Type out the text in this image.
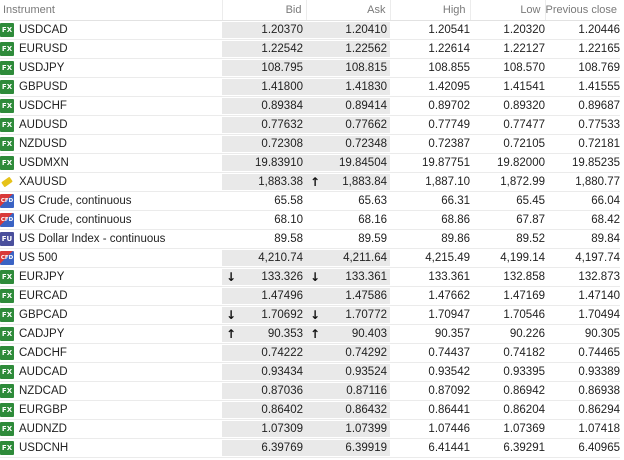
Instrument	Bid	Ask	High	Low	Previous close

FX USDCAD	1.20370	1.20410	1.20541	1.20320	1.20446

FX EURUSD	1.22542	1.22562	1.22614	1.22127	1.22165

FX USDJPY	108.795	108.815	108.855	108.570	108.769

FX GBPUSD	1.41800	1.41830	1.42095	1.41541	1.41555

FX USDCHF	0.89384	0.89414	0.89702	0.89320	0.89687

FX AUDUSD	0.77632	0.77662	0.77749	0.77477	0.77533

FX NZDUSD	0.72308	0.72348	0.72387	0.72105	0.72181

FX USDMXN	19.83910	19.84504	19.87751	19.82000	19.85235

XAUUSD	1,883.38	↑ 1,883.84	1,887.10	1,872.99	1,880.77

CFD US Crude, continuous	65.58	65.63	66.31	65.45	66.04

CFD UK Crude, continuous	68.10	68.16	68.86	67.87	68.42

FU US Dollar Index - continuous	89.58	89.59	89.86	89.52	89.84

CFD US 500	4,210.74	4,211.64	4,215.49	4,199.14	4,197.74

FX EURJPY	↓ 133.326	↓ 133.361	133.361	132.858	132.873

FX EURCAD	1.47496	1.47586	1.47662	1.47169	1.47140

FX GBPCAD	↓ 1.70692	↓ 1.70772	1.70947	1.70546	1.70494

FX CADJPY	↑ 90.353	↑ 90.403	90.357	90.226	90.305

FX CADCHF	0.74222	0.74292	0.74437	0.74182	0.74465

FX AUDCAD	0.93434	0.93524	0.93542	0.93395	0.93389

FX NZDCAD	0.87036	0.87116	0.87092	0.86942	0.86938

FX EURGBP	0.86402	0.86432	0.86441	0.86204	0.86294

FX AUDNZD	1.07309	1.07399	1.07446	1.07369	1.07418

FX USDCNH	6.39769	6.39919	6.41441	6.39291	6.40965
